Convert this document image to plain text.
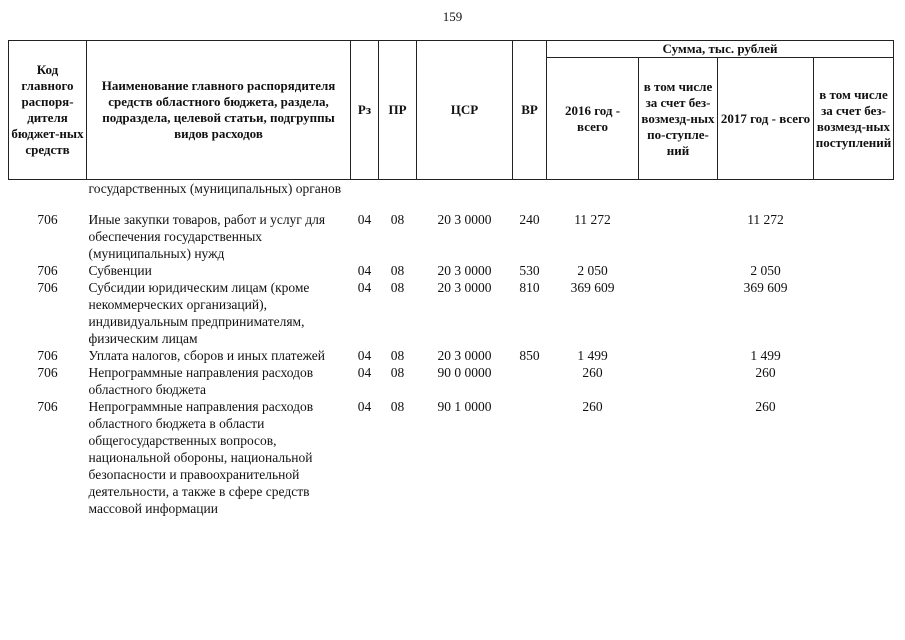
159
Код главного распоря-дителя бюджет-ных средств	Наименование главного распорядителя средств областного бюджета, раздела, подраздела, целевой статьи, подгруппы видов расходов	Рз	ПР	ЦСР	ВР	Сумма, тыс. рублей			
						2016 год - всего	в том числе за счет без-возмезд-ных по-ступле-ний	2017 год - всего	в том числе за счет без-возмезд-ных поступлений
	государственных (муниципальных) органов								

706	Иные закупки товаров, работ и услуг для обеспечения государственных (муниципальных) нужд	04	08	20 3 0000	240	11 272		11 272	
706	Субвенции	04	08	20 3 0000	530	2 050		2 050	
706	Субсидии юридическим лицам (кроме некоммерческих организаций), индивидуальным предпринимателям, физическим лицам	04	08	20 3 0000	810	369 609		369 609	
706	Уплата налогов, сборов и иных платежей	04	08	20 3 0000	850	1 499		1 499	
706	Непрограммные направления расходов областного бюджета	04	08	90 0 0000		260		260	
706	Непрограммные направления расходов областного бюджета в области общегосударственных вопросов, национальной обороны, национальной безопасности и правоохранительной деятельности, а также в сфере средств массовой информации	04	08	90 1 0000		260		260	
